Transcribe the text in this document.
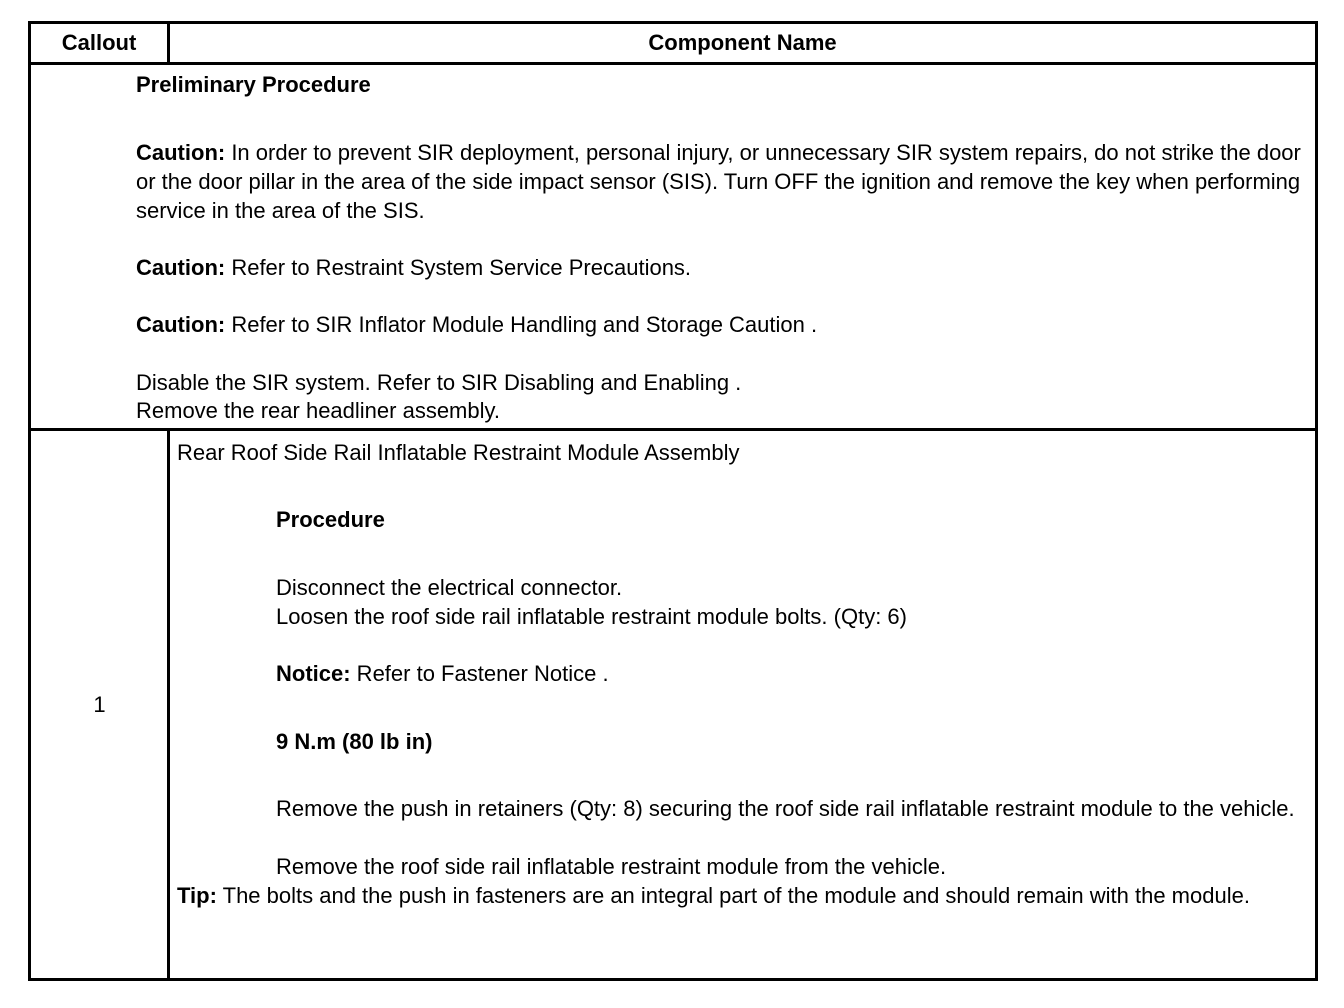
Callout	Component Name
Preliminary Procedure
Caution: In order to prevent SIR deployment, personal injury, or unnecessary SIR system repairs, do not strike the door or the door pillar in the area of the side impact sensor (SIS). Turn OFF the ignition and remove the key when performing service in the area of the SIS.
Caution: Refer to Restraint System Service Precautions.
Caution: Refer to SIR Inflator Module Handling and Storage Caution .
Disable the SIR system. Refer to SIR Disabling and Enabling .
Remove the rear headliner assembly.
1
Rear Roof Side Rail Inflatable Restraint Module Assembly
Procedure
Disconnect the electrical connector.
Loosen the roof side rail inflatable restraint module bolts. (Qty: 6)
Notice: Refer to Fastener Notice .
9 N.m (80 lb in)
Remove the push in retainers (Qty: 8) securing the roof side rail inflatable restraint module to the vehicle.
Remove the roof side rail inflatable restraint module from the vehicle.
Tip: The bolts and the push in fasteners are an integral part of the module and should remain with the module.
